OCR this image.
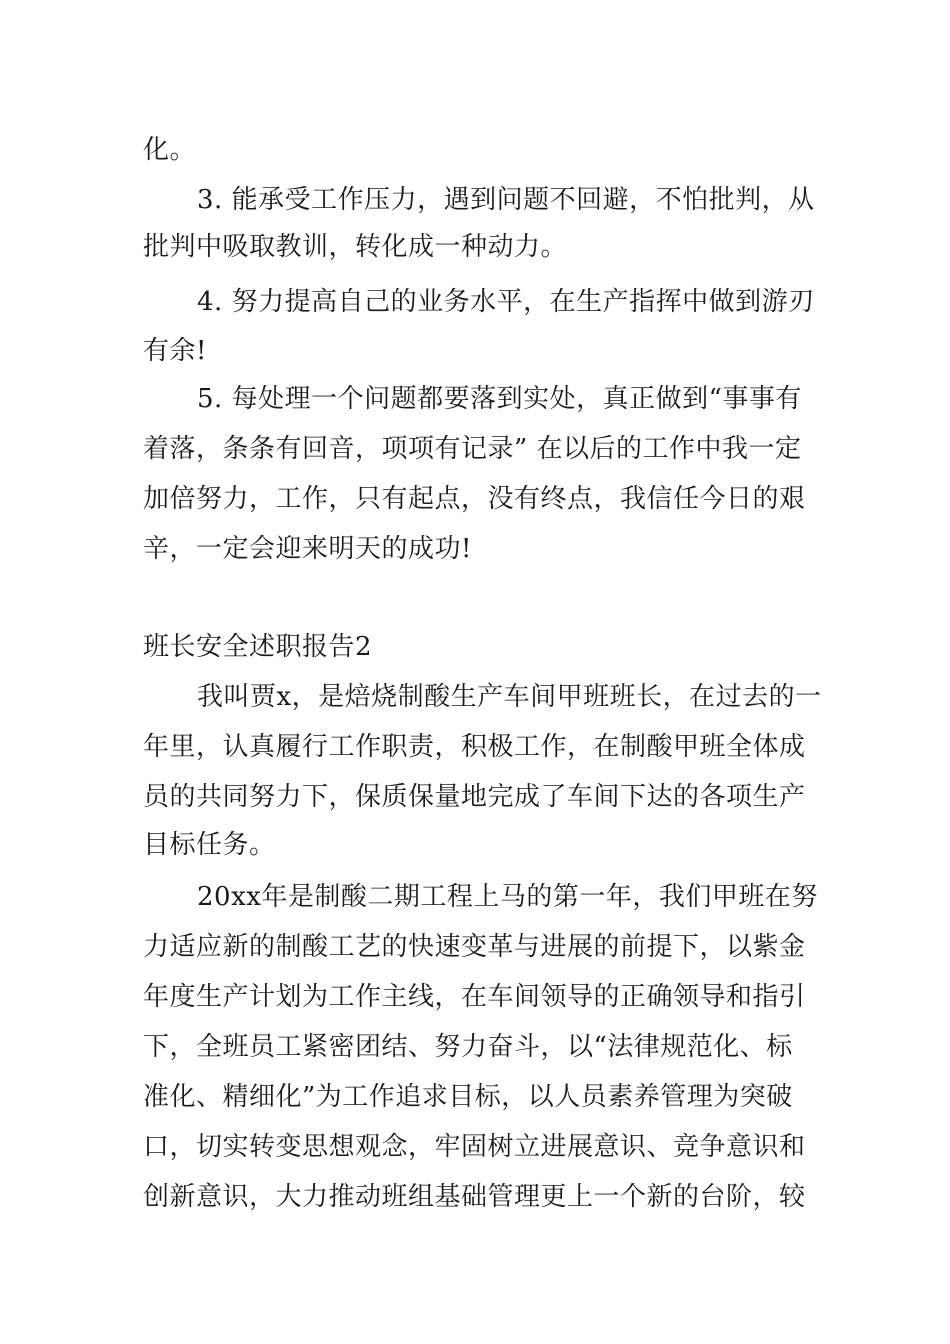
化。
3. 能承受工作压力，遇到问题不回避，不怕批判，从
批判中吸取教训，转化成一种动力。
4. 努力提高自己的业务水平，在生产指挥中做到游刃
有余!
5. 每处理一个问题都要落到实处，真正做到“事事有
着落，条条有回音，项项有记录” 在以后的工作中我一定
加倍努力，工作，只有起点，没有终点，我信任今日的艰
辛，一定会迎来明天的成功!
班长安全述职报告2
我叫贾x，是焙烧制酸生产车间甲班班长，在过去的一
年里，认真履行工作职责，积极工作，在制酸甲班全体成
员的共同努力下，保质保量地完成了车间下达的各项生产
目标任务。
20xx年是制酸二期工程上马的第一年，我们甲班在努
力适应新的制酸工艺的快速变革与进展的前提下，以紫金
年度生产计划为工作主线，在车间领导的正确领导和指引
下，全班员工紧密团结、努力奋斗，以“法律规范化、标
准化、精细化”为工作追求目标，以人员素养管理为突破
口，切实转变思想观念，牢固树立进展意识、竞争意识和
创新意识，大力推动班组基础管理更上一个新的台阶，较
